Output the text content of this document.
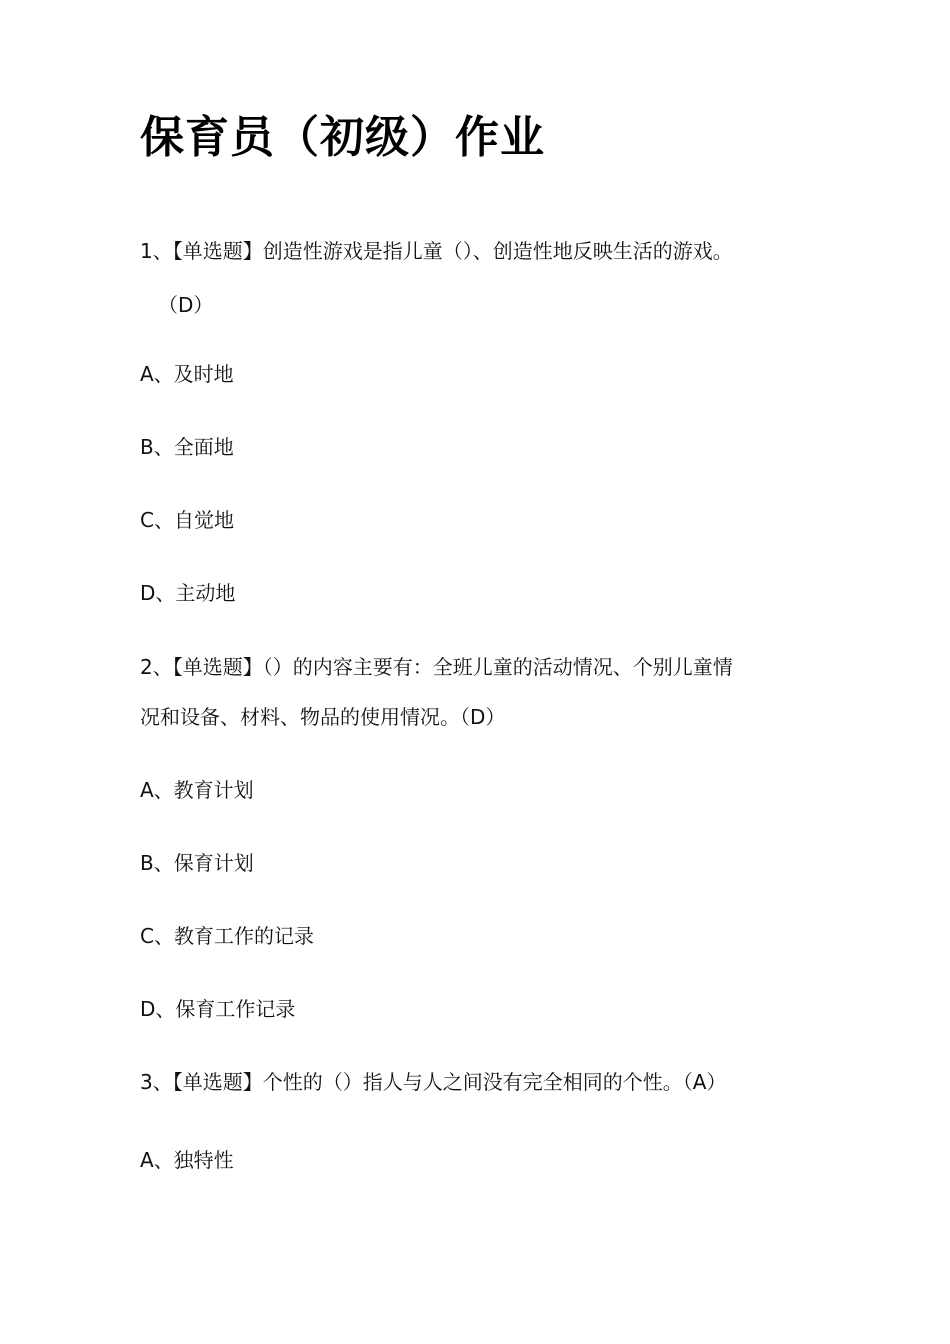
保育员（初级）作业

1、【单选题】创造性游戏是指儿童（）、创造性地反映生活的游戏。

（D）

A、及时地

B、全面地

C、自觉地

D、主动地

2、【单选题】（）的内容主要有：全班儿童的活动情况、个别儿童情

况和设备、材料、物品的使用情况。（D）

A、教育计划

B、保育计划

C、教育工作的记录

D、保育工作记录

3、【单选题】个性的（）指人与人之间没有完全相同的个性。（A）

A、独特性
